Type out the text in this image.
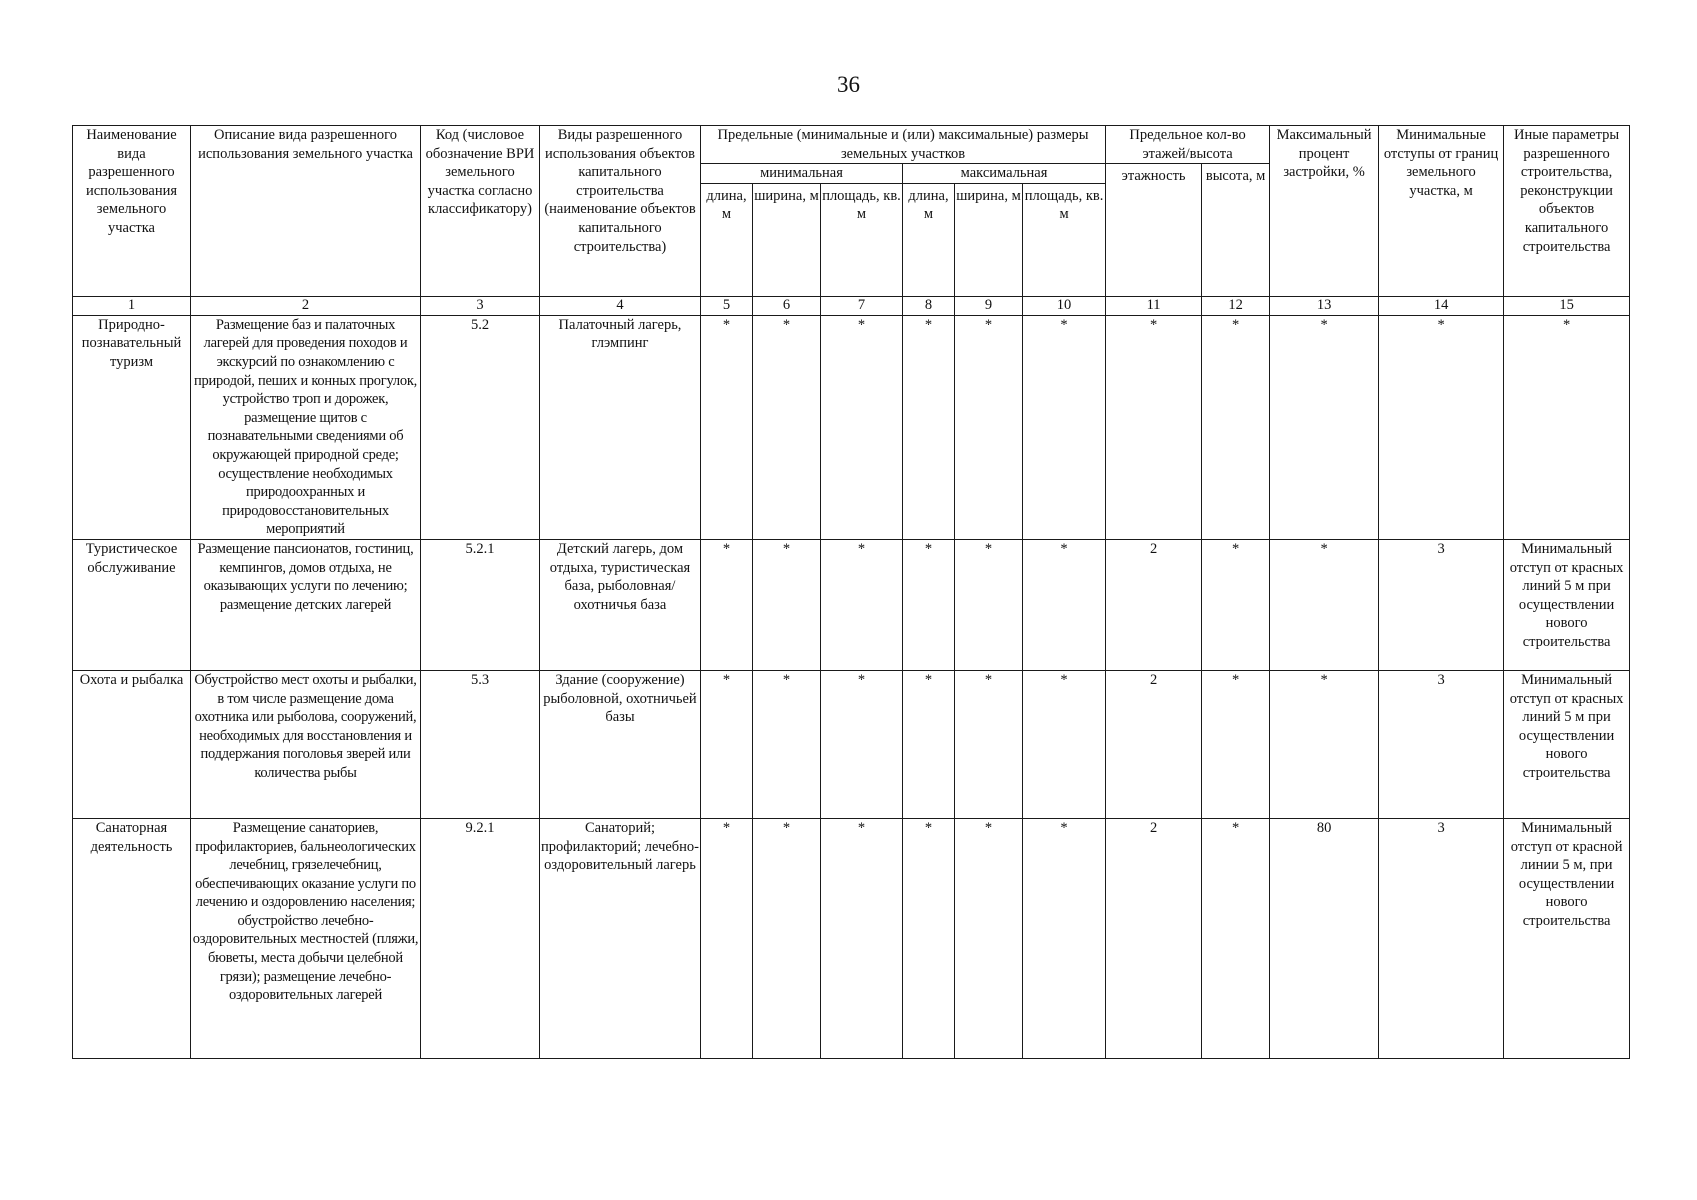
36
Наименование вида разрешенного использования земельного участка	Описание вида разрешенного использования земельного участка	Код (числовое обозначение ВРИ земельного участка согласно классификатору)	Виды разрешенного использования объектов капитального строительства (наименование объектов капитального строительства)	Предельные (минимальные и (или) максимальные) размеры земельных участков						Предельное кол-во этажей/высота		Максимальный процент застройки, %	Минимальные отступы от границ земельного участка, м	Иные параметры разрешенного строительства, реконструкции объектов капитального строительства
				минимальная			максимальная			этажность	высота, м			
				длина, м	ширина, м	площадь, кв. м	длина, м	ширина, м	площадь, кв. м					
1	2	3	4	5	6	7	8	9	10	11	12	13	14	15
Природно-познавательный туризм	Размещение баз и палаточных лагерей для проведения походов и экскурсий по ознакомлению с природой, пеших и конных прогулок, устройство троп и дорожек, размещение щитов с познавательными сведениями об окружающей природной среде; осуществление необходимых природоохранных и природовосстановительных мероприятий	5.2	Палаточный лагерь, глэмпинг	*	*	*	*	*	*	*	*	*	*	*
Туристическое обслуживание	Размещение пансионатов, гостиниц, кемпингов, домов отдыха, не оказывающих услуги по лечению; размещение детских лагерей	5.2.1	Детский лагерь, дом отдыха, туристическая база, рыболовная/охотничья база	*	*	*	*	*	*	2	*	*	3	Минимальный отступ от красных линий 5 м при осуществлении нового строительства
Охота и рыбалка	Обустройство мест охоты и рыбалки, в том числе размещение дома охотника или рыболова, сооружений, необходимых для восстановления и поддержания поголовья зверей или количества рыбы	5.3	Здание (сооружение) рыболовной, охотничьей базы	*	*	*	*	*	*	2	*	*	3	Минимальный отступ от красных линий 5 м при осуществлении нового строительства
Санаторная деятельность	Размещение санаториев, профилакториев, бальнеологических лечебниц, грязелечебниц, обеспечивающих оказание услуги по лечению и оздоровлению населения; обустройство лечебно-оздоровительных местностей (пляжи, бюветы, места добычи целебной грязи); размещение лечебно-оздоровительных лагерей	9.2.1	Санаторий; профилакторий; лечебно-оздоровительный лагерь	*	*	*	*	*	*	2	*	80	3	Минимальный отступ от красной линии 5 м, при осуществлении нового строительства
